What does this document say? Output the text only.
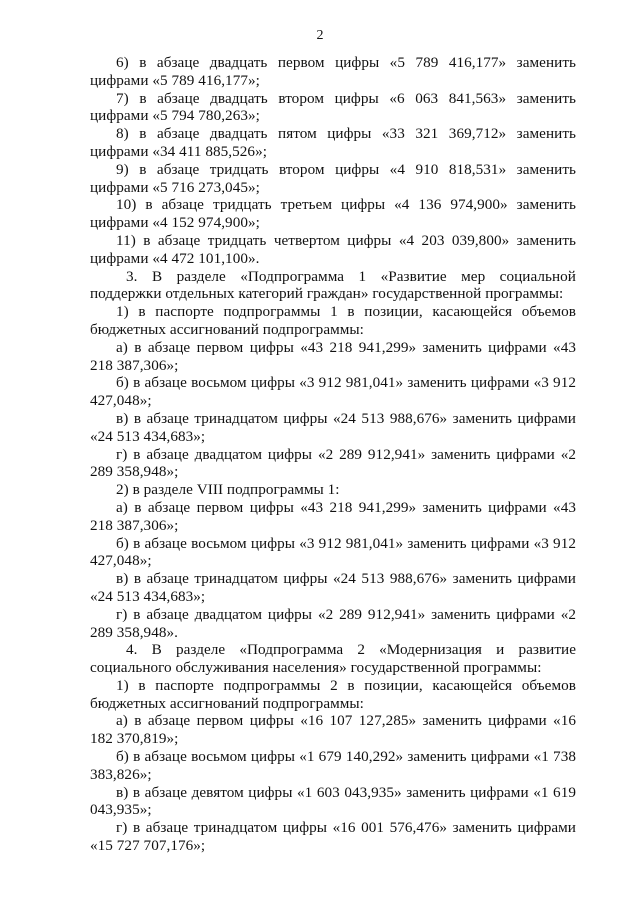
2

6) в абзаце двадцать первом цифры «5 789 416,177» заменить цифрами «5 789 416,177»;

7) в абзаце двадцать втором цифры «6 063 841,563» заменить цифрами «5 794 780,263»;

8) в абзаце двадцать пятом цифры «33 321 369,712» заменить цифрами «34 411 885,526»;

9) в абзаце тридцать втором цифры «4 910 818,531» заменить цифрами «5 716 273,045»;

10) в абзаце тридцать третьем цифры «4 136 974,900» заменить цифрами «4 152 974,900»;

11) в абзаце тридцать четвертом цифры «4 203 039,800» заменить цифрами «4 472 101,100».

3. В разделе «Подпрограмма 1 «Развитие мер социальной поддержки отдельных категорий граждан» государственной программы:

1) в паспорте подпрограммы 1 в позиции, касающейся объемов бюджетных ассигнований подпрограммы:

а) в абзаце первом цифры «43 218 941,299» заменить цифрами «43 218 387,306»;

б) в абзаце восьмом цифры «3 912 981,041» заменить цифрами «3 912 427,048»;

в) в абзаце тринадцатом цифры «24 513 988,676» заменить цифрами «24 513 434,683»;

г) в абзаце двадцатом цифры «2 289 912,941» заменить цифрами «2 289 358,948»;

2) в разделе VIII подпрограммы 1:

а) в абзаце первом цифры «43 218 941,299» заменить цифрами «43 218 387,306»;

б) в абзаце восьмом цифры «3 912 981,041» заменить цифрами «3 912 427,048»;

в) в абзаце тринадцатом цифры «24 513 988,676» заменить цифрами «24 513 434,683»;

г) в абзаце двадцатом цифры «2 289 912,941» заменить цифрами «2 289 358,948».

4. В разделе «Подпрограмма 2 «Модернизация и развитие социального обслуживания населения» государственной программы:

1) в паспорте подпрограммы 2 в позиции, касающейся объемов бюджетных ассигнований подпрограммы:

а) в абзаце первом цифры «16 107 127,285» заменить цифрами «16 182 370,819»;

б) в абзаце восьмом цифры «1 679 140,292» заменить цифрами «1 738 383,826»;

в) в абзаце девятом цифры «1 603 043,935» заменить цифрами «1 619 043,935»;

г) в абзаце тринадцатом цифры «16 001 576,476» заменить цифрами «15 727 707,176»;
